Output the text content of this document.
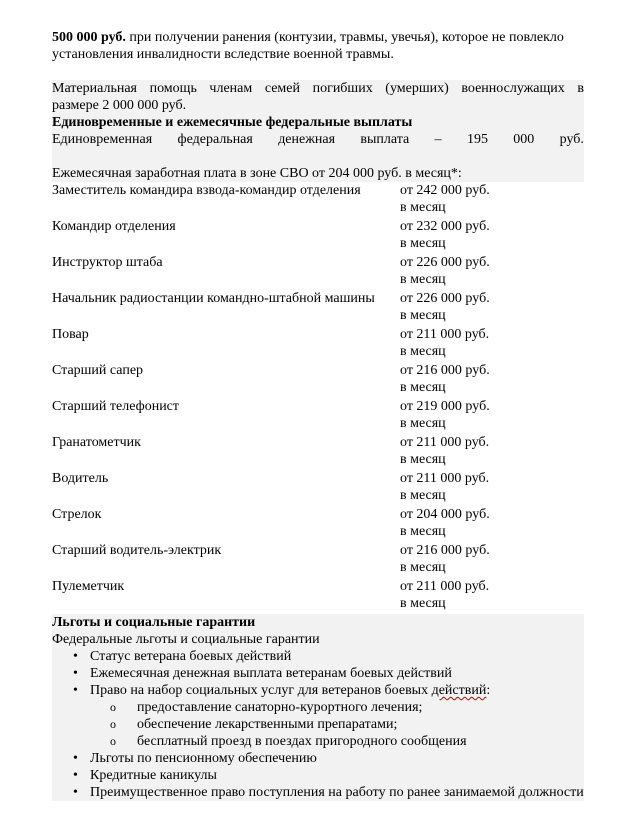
500 000 руб. при получении ранения (контузии, травмы, увечья), которое не повлекло установления инвалидности вследствие военной травмы.

Материальная помощь членам семей погибших (умерших) военнослужащих в

размере 2 000 000 руб.

Единовременные и ежемесячные федеральные выплаты

Единовременная федеральная денежная выплата – 195 000 руб.

Ежемесячная заработная плата в зоне СВО от 204 000 руб. в месяц*:

Заместитель командира взвода-командир отделения	от 242 000 руб.
в месяц
Командир отделения	от 232 000 руб.
в месяц
Инструктор штаба	от 226 000 руб.
в месяц
Начальник радиостанции командно-штабной машины	от 226 000 руб.
в месяц
Повар	от 211 000 руб.
в месяц
Старший сапер	от 216 000 руб.
в месяц
Старший телефонист	от 219 000 руб.
в месяц
Гранатометчик	от 211 000 руб.
в месяц
Водитель	от 211 000 руб.
в месяц
Стрелок	от 204 000 руб.
в месяц
Старший водитель-электрик	от 216 000 руб.
в месяц
Пулеметчик	от 211 000 руб.
в месяц

Льготы и социальные гарантии

Федеральные льготы и социальные гарантии

• Статус ветерана боевых действий
• Ежемесячная денежная выплата ветеранам боевых действий
• Право на набор социальных услуг для ветеранов боевых действий:
o предоставление санаторно-курортного лечения;
o обеспечение лекарственными препаратами;
o бесплатный проезд в поездах пригородного сообщения
• Льготы по пенсионному обеспечению
• Кредитные каникулы
• Преимущественное право поступления на работу по ранее занимаемой должности
